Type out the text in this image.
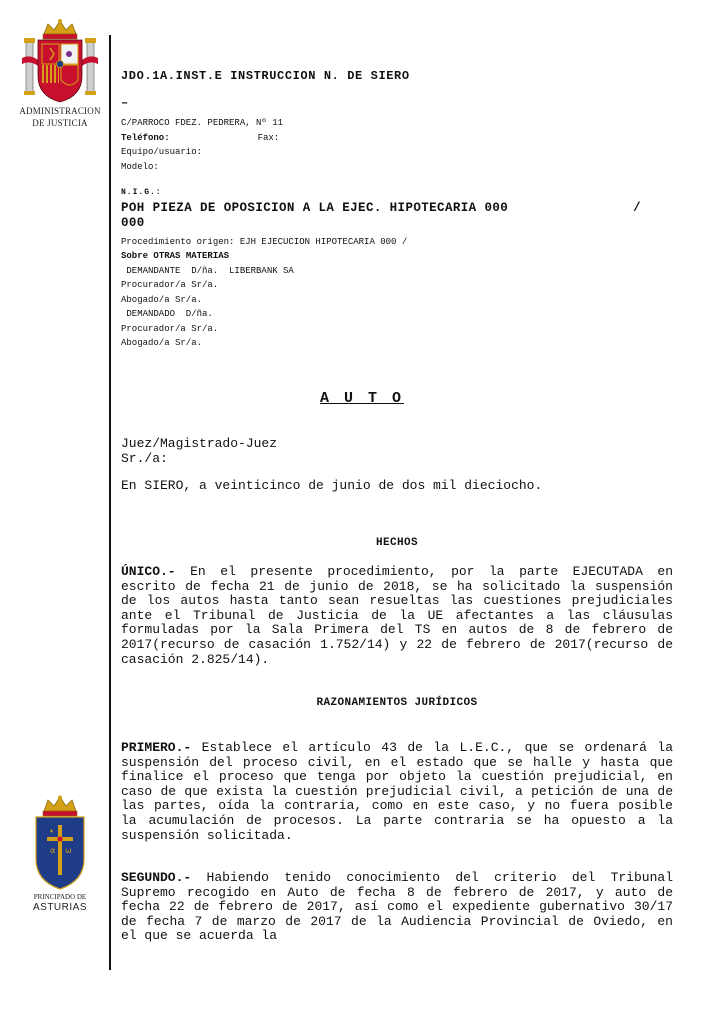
ADMINISTRACION
DE JUSTICIA
α ω
PRINCIPADO DE
ASTURIAS
JDO.1A.INST.E INSTRUCCION N. DE SIERO
–
C/PARROCO FDEZ. PEDRERA, Nº 11
Teléfono:	Fax:
Equipo/usuario:
Modelo:
N.I.G.:
POH PIEZA DE OPOSICION A LA EJEC. HIPOTECARIA 000	/
000
Procedimiento origen: EJH EJECUCION HIPOTECARIA 000 /
Sobre OTRAS MATERIAS
DEMANDANTE  D/ña.  LIBERBANK SA
Procurador/a Sr/a.
Abogado/a Sr/a.
DEMANDADO  D/ña.
Procurador/a Sr/a.
Abogado/a Sr/a.
A U T O
Juez/Magistrado-Juez
Sr./a:
En SIERO, a veinticinco de junio de dos mil dieciocho.
HECHOS
ÚNICO.- En el presente procedimiento, por la parte EJECUTADA en escrito de fecha 21 de junio de 2018, se ha solicitado la suspensión de los autos hasta tanto sean resueltas las cuestiones prejudiciales ante el Tribunal de Justicia de la UE afectantes a las cláusulas formuladas por la Sala Primera del TS en autos de 8 de febrero de 2017(recurso de casación 1.752/14) y 22 de febrero de 2017(recurso de casación 2.825/14).
RAZONAMIENTOS JURÍDICOS
PRIMERO.- Establece el artículo 43 de la L.E.C., que se ordenará la suspensión del proceso civil, en el estado que se halle y hasta que finalice el proceso que tenga por objeto la cuestión prejudicial, en caso de que exista la cuestión prejudicial civil, a petición de una de las partes, oída la contraria, como en este caso, y no fuera posible la acumulación de procesos. La parte contraria se ha opuesto a la suspensión solicitada.
SEGUNDO.- Habiendo tenido conocimiento del criterio del Tribunal Supremo recogido en Auto de fecha 8 de febrero de 2017, y auto de fecha 22 de febrero de 2017, así como el expediente gubernativo 30/17 de fecha 7 de marzo de 2017 de la Audiencia Provincial de Oviedo, en el que se acuerda la
